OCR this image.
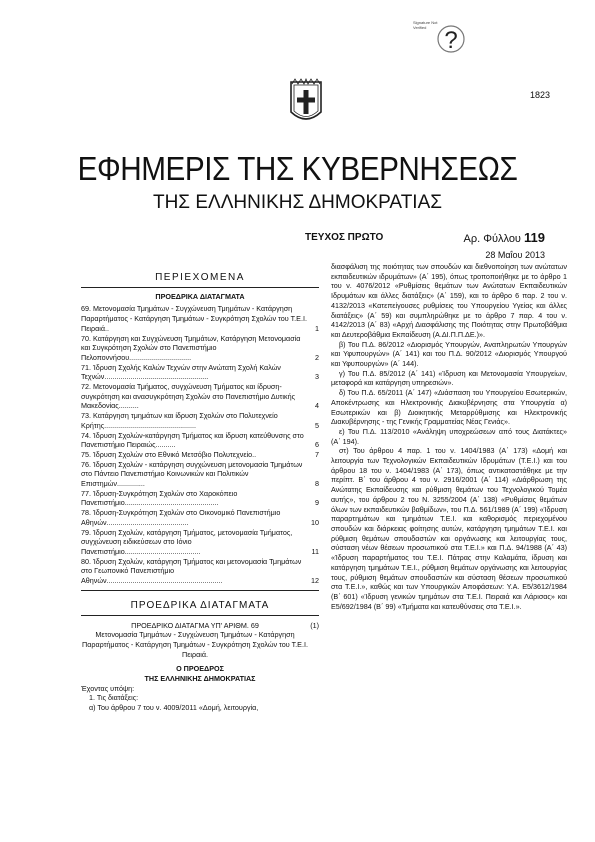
Signature Not Verified ?
1823
ΕΦΗΜΕΡΙΣ ΤΗΣ ΚΥΒΕΡΝΗΣΕΩΣ
ΤΗΣ ΕΛΛΗΝΙΚΗΣ ΔΗΜΟΚΡΑΤΙΑΣ
ΤΕΥΧΟΣ ΠΡΩΤΟ	Αρ. Φύλλου 119
28 Μαΐου 2013
ΠΕΡΙΕΧΟΜΕΝΑ
ΠΡΟΕΔΡΙΚΑ ΔΙΑΤΑΓΜΑΤΑ
69. Μετονομασία Τμημάτων - Συγχώνευση Τμημάτων - Κατάργηση Παραρτήματος - Κατάργηση Τμημάτων - Συγκρότηση Σχολών του Τ.Ε.Ι. Πειραιά..	1
70. Κατάργηση και Συγχώνευση Τμημάτων, Κατάργηση Μετονομασία και Συγκρότηση Σχολών στο Πανεπιστήμιο Πελοποννήσου...............................	2
71. Ίδρυση Σχολής Καλών Τεχνών στην Ανώτατη Σχολή Καλών Τεχνών....................................................	3
72. Μετονομασία Τμήματος, συγχώνευση Τμήματος και ίδρυση-συγκρότηση και ανασυγκρότηση Σχολών στο Πανεπιστήμιο Δυτικής Μακεδονίας..........	4
73. Κατάργηση τμημάτων και ίδρυση Σχολών στο Πολυτεχνείο Κρήτης..............................................	5
74. Ίδρυση Σχολών-κατάργηση Τμήματος και ίδρυση κατεύθυνσης στο Πανεπιστήμιο Πειραιώς..........	6
75. Ίδρυση Σχολών στο Εθνικό Μετσόβιο Πολυτεχνείο..	7
76. Ίδρυση Σχολών - κατάργηση συγχώνευση μετονομασία Τμημάτων στο Πάντειο Πανεπιστήμιο Κοινωνικών και Πολιτικών Επιστημών..............	8
77. Ίδρυση-Συγκρότηση Σχολών στο Χαροκόπειο Πανεπιστήμιο...............................................	9
78. Ίδρυση-Συγκρότηση Σχολών στο Οικονομικό Πανεπιστήμιο Αθηνών.........................................	10
79. Ίδρυση Σχολών, κατάργηση Τμήματος, μετονομασία Τμήματος, συγχώνευση ειδικεύσεων στο Ιόνιο Πανεπιστήμιο......................................	11
80. Ίδρυση Σχολών, κατάργηση Τμήματος και μετονομασία Τμημάτων στο Γεωπονικό Πανεπιστήμιο Αθηνών..........................................................	12
ΠΡΟΕΔΡΙΚΑ ΔΙΑΤΑΓΜΑΤΑ
ΠΡΟΕΔΡΙΚΟ ΔΙΑΤΑΓΜΑ ΥΠ' ΑΡΙΘΜ. 69
Μετονομασία Τμημάτων - Συγχώνευση Τμημάτων - Κατάργηση Παραρτήματος - Κατάργηση Τμημάτων - Συγκρότηση Σχολών του Τ.Ε.Ι. Πειραιά.
(1)
Ο ΠΡΟΕΔΡΟΣ
ΤΗΣ ΕΛΛΗΝΙΚΗΣ ΔΗΜΟΚΡΑΤΙΑΣ

Έχοντας υπόψη:

1. Τις διατάξεις:

α) Του άρθρου 7 του ν. 4009/2011 «Δομή, λειτουργία,

διασφάλιση της ποιότητας των σπουδών και διεθνοποίηση των ανώτατων εκπαιδευτικών ιδρυμάτων» (Α΄ 195), όπως τροποποιήθηκε με το άρθρο 1 του ν. 4076/2012 «Ρυθμίσεις θεμάτων των Ανώτατων Εκπαιδευτικών Ιδρυμάτων και άλλες διατάξεις» (Α΄ 159), και το άρθρο 6 παρ. 2 του ν. 4132/2013 «Κατεπείγουσες ρυθμίσεις του Υπουργείου Υγείας και άλλες διατάξεις» (Α΄ 59) και συμπληρώθηκε με το άρθρο 7 παρ. 4 του ν. 4142/2013 (Α΄ 83) «Αρχή Διασφάλισης της Ποιότητας στην Πρωτοβάθμια και Δευτεροβάθμια Εκπαίδευση (Α.ΔΙ.Π.Π.ΔΕ.)».

β) Του Π.Δ. 86/2012 «Διορισμός Υπουργών, Αναπληρωτών Υπουργών και Υφυπουργών» (Α΄ 141) και του Π.Δ. 90/2012 «Διορισμός Υπουργού και Υφυπουργών» (Α΄ 144).

γ) Του Π.Δ. 85/2012 (Α΄ 141) «Ίδρυση και Μετονομασία Υπουργείων, μεταφορά και κατάργηση υπηρεσιών».

δ) Του Π.Δ. 65/2011 (Α΄ 147) «Διάσπαση του Υπουργείου Εσωτερικών, Αποκέντρωσης και Ηλεκτρονικής Διακυβέρνησης στα Υπουργεία α) Εσωτερικών και β) Διοικητικής Μεταρρύθμισης και Ηλεκτρονικής Διακυβέρνησης - της Γενικής Γραμματείας Νέας Γενιάς».

ε) Του Π.Δ. 113/2010 «Ανάληψη υποχρεώσεων από τους Διατάκτες» (Α΄ 194).

στ) Του άρθρου 4 παρ. 1 του ν. 1404/1983 (Α΄ 173) «Δομή και λειτουργία των Τεχνολογικών Εκπαιδευτικών Ιδρυμάτων (Τ.Ε.Ι.) και του άρθρου 18 του ν. 1404/1983 (Α΄ 173), όπως αντικαταστάθηκε με την περίπτ. Β΄ του άρθρου 4 του ν. 2916/2001 (Α΄ 114) «Διάρθρωση της Ανώτατης Εκπαίδευσης και ρύθμιση θεμάτων του Τεχνολογικού Τομέα αυτής», του άρθρου 2 του Ν. 3255/2004 (Α΄ 138) «Ρυθμίσεις θεμάτων όλων των εκπαιδευτικών βαθμίδων», του Π.Δ. 561/1989 (Α΄ 199) «Ίδρυση παραρτημάτων και τμημάτων Τ.Ε.Ι. και καθορισμός περιεχομένου σπουδών και διάρκειας φοίτησης αυτών, κατάργηση τμημάτων Τ.Ε.Ι. και ρύθμιση θεμάτων σπουδαστών και οργάνωσης και λειτουργίας τους, σύσταση νέων θέσεων προσωπικού στα Τ.Ε.Ι.» και Π.Δ. 94/1988 (Α΄ 43) «Ίδρυση παραρτήματος του Τ.Ε.Ι. Πάτρας στην Καλαμάτα, ίδρυση και κατάργηση τμημάτων Τ.Ε.Ι., ρύθμιση θεμάτων οργάνωσης και λειτουργίας τους, ρύθμιση θεμάτων σπουδαστών και σύσταση θέσεων προσωπικού στα Τ.Ε.Ι.», καθώς και των Υπουργικών Αποφάσεων: Υ.Α. Ε5/3612/1984 (Β΄ 601) «Ίδρυση γενικών τμημάτων στα Τ.Ε.Ι. Πειραιά και Λάρισας» και Ε5/692/1984 (Β΄ 99) «Τμήματα και κατευθύνσεις στα Τ.Ε.Ι.».
